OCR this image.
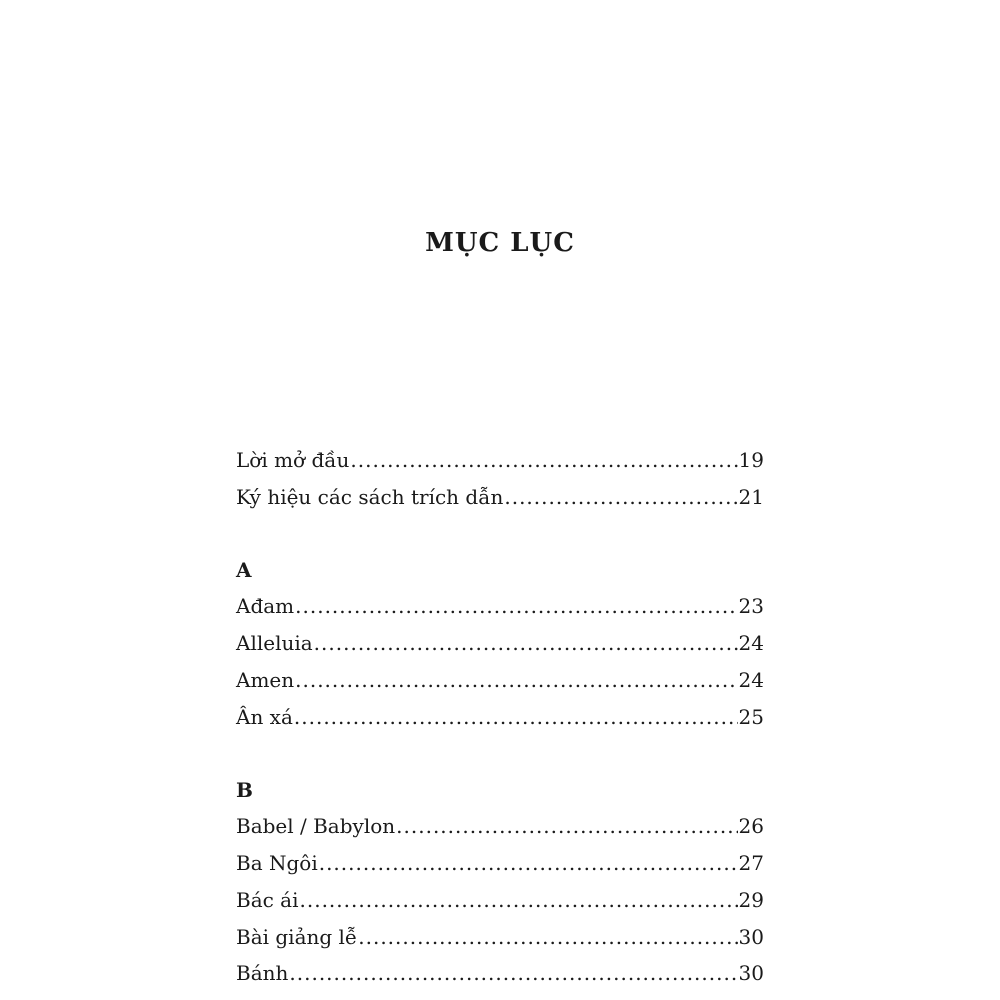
MỤC LỤC
Lời mở đầu .....	19
Ký hiệu các sách trích dẫn .....	21
A
Ađam .....	23
Alleluia .....	24
Amen .....	24
Ân xá .....	25
B
Babel / Babylon .....	26
Ba Ngôi .....	27
Bác ái .....	29
Bài giảng lễ .....	30
Bánh .....	30
